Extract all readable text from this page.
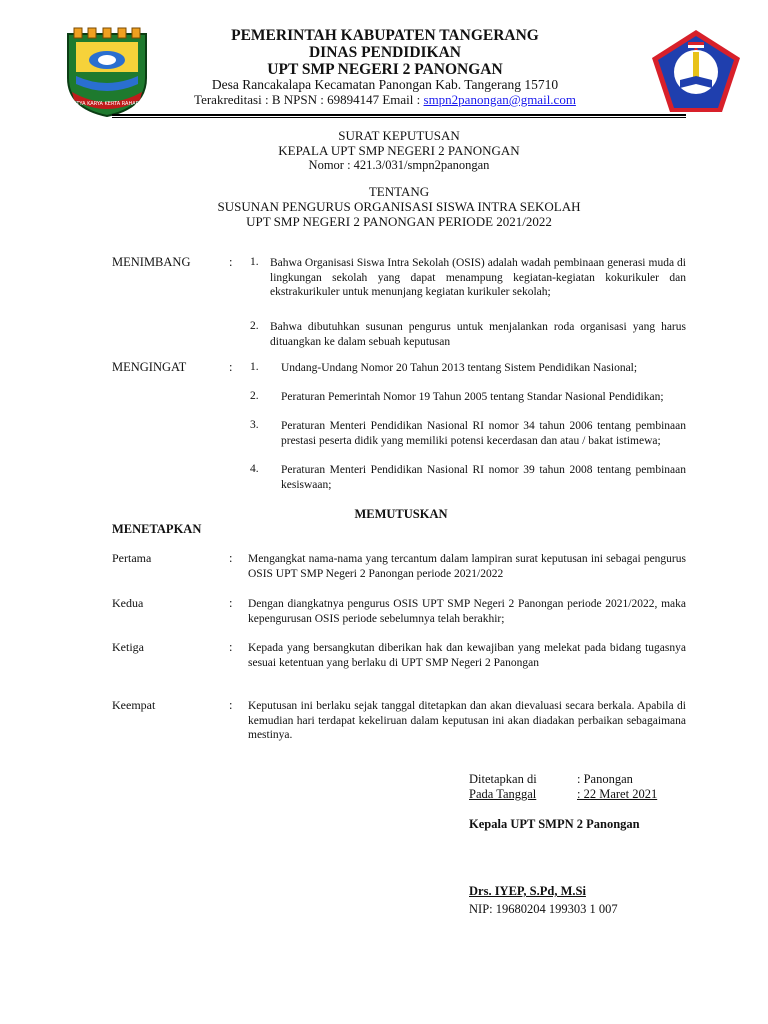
SATYA KARYA KERTA RAHARJA
PEMERINTAH KABUPATEN TANGERANG
DINAS PENDIDIKAN
UPT SMP NEGERI 2 PANONGAN
Desa Rancakalapa Kecamatan Panongan Kab. Tangerang 15710
Terakreditasi : B NPSN : 69894147 Email : smpn2panongan@gmail.com
SURAT KEPUTUSAN
KEPALA UPT SMP NEGERI 2 PANONGAN
Nomor : 421.3/031/smpn2panongan
TENTANG
SUSUNAN PENGURUS ORGANISASI SISWA INTRA SEKOLAH
UPT SMP NEGERI 2 PANONGAN PERIODE 2021/2022
MENIMBANG	: 1. Bahwa Organisasi Siswa Intra Sekolah (OSIS) adalah wadah pembinaan generasi muda di lingkungan sekolah yang dapat menampung kegiatan-kegiatan kokurikuler dan ekstrakurikuler untuk menunjang kegiatan kurikuler sekolah;
2. Bahwa dibutuhkan susunan pengurus untuk menjalankan roda organisasi yang harus dituangkan ke dalam sebuah keputusan
MENGINGAT	: 1. Undang-Undang Nomor 20 Tahun 2013 tentang Sistem Pendidikan Nasional;
2. Peraturan Pemerintah Nomor 19 Tahun 2005 tentang Standar Nasional Pendidikan;
3. Peraturan Menteri Pendidikan Nasional RI nomor 34 tahun 2006 tentang pembinaan prestasi peserta didik yang memiliki potensi kecerdasan dan atau / bakat istimewa;
4. Peraturan Menteri Pendidikan Nasional RI nomor 39 tahun 2008 tentang pembinaan kesiswaan;
MEMUTUSKAN
MENETAPKAN
Pertama	: Mengangkat nama-nama yang tercantum dalam lampiran surat keputusan ini sebagai pengurus OSIS UPT SMP Negeri 2 Panongan periode 2021/2022
Kedua	: Dengan diangkatnya pengurus OSIS UPT SMP Negeri 2 Panongan periode 2021/2022, maka kepengurusan OSIS periode sebelumnya telah berakhir;
Ketiga	: Kepada yang bersangkutan diberikan hak dan kewajiban yang melekat pada bidang tugasnya sesuai ketentuan yang berlaku di UPT SMP Negeri 2 Panongan
Keempat	: Keputusan ini berlaku sejak tanggal ditetapkan dan akan dievaluasi secara berkala. Apabila di kemudian hari terdapat kekeliruan dalam keputusan ini akan diadakan perbaikan sebagaimana mestinya.
Ditetapkan di	: Panongan
Pada Tanggal	: 22 Maret 2021
Kepala UPT SMPN 2 Panongan
Drs. IYEP, S.Pd, M.Si
NIP: 19680204 199303 1 007
